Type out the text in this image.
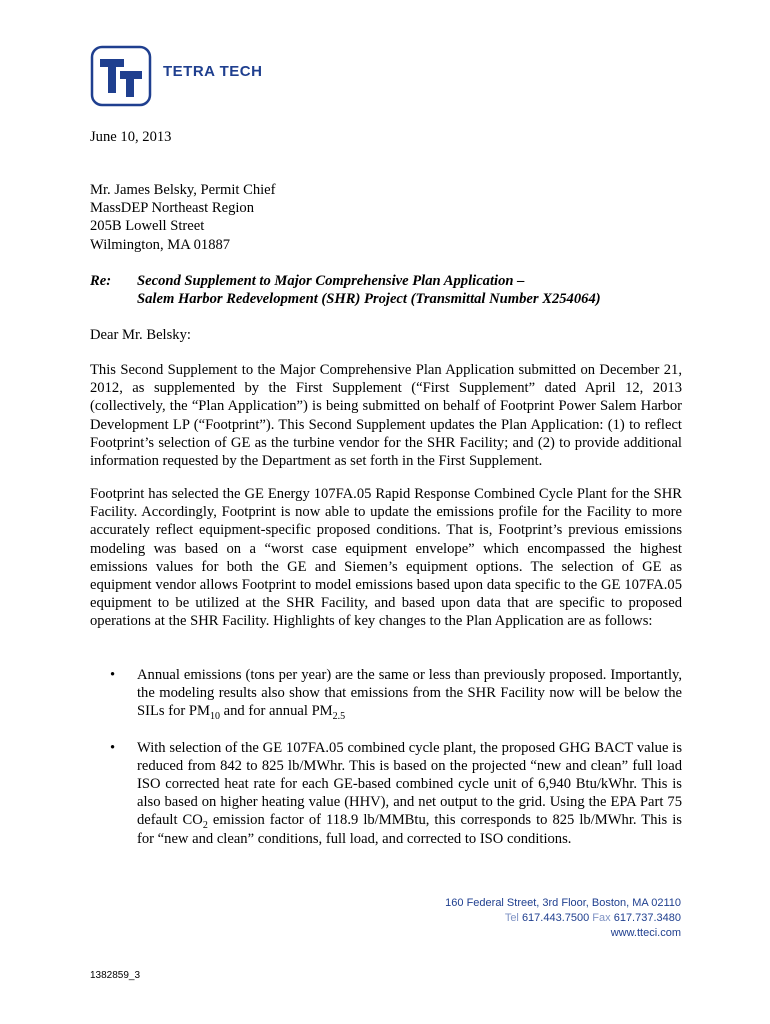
TETRA TECH
June 10, 2013
Mr. James Belsky, Permit Chief
MassDEP Northeast Region
205B Lowell Street
Wilmington, MA 01887
Re:	Second Supplement to Major Comprehensive Plan Application –
Salem Harbor Redevelopment (SHR) Project (Transmittal Number X254064)
Dear Mr. Belsky:
This Second Supplement to the Major Comprehensive Plan Application submitted on December 21, 2012, as supplemented by the First Supplement (“First Supplement” dated April 12, 2013 (collectively, the “Plan Application”) is being submitted on behalf of Footprint Power Salem Harbor Development LP (“Footprint”). This Second Supplement updates the Plan Application: (1) to reflect Footprint’s selection of GE as the turbine vendor for the SHR Facility; and (2) to provide additional information requested by the Department as set forth in the First Supplement.
Footprint has selected the GE Energy 107FA.05 Rapid Response Combined Cycle Plant for the SHR Facility. Accordingly, Footprint is now able to update the emissions profile for the Facility to more accurately reflect equipment-specific proposed conditions. That is, Footprint’s previous emissions modeling was based on a “worst case equipment envelope” which encompassed the highest emissions values for both the GE and Siemen’s equipment options. The selection of GE as equipment vendor allows Footprint to model emissions based upon data specific to the GE 107FA.05 equipment to be utilized at the SHR Facility, and based upon data that are specific to proposed operations at the SHR Facility. Highlights of key changes to the Plan Application are as follows:
•	Annual emissions (tons per year) are the same or less than previously proposed. Importantly, the modeling results also show that emissions from the SHR Facility now will be below the SILs for $PM_{10}$ and for annual $PM_{2.5}$
•	With selection of the GE 107FA.05 combined cycle plant, the proposed GHG BACT value is reduced from 842 to 825 lb/MWhr. This is based on the projected “new and clean” full load ISO corrected heat rate for each GE-based combined cycle unit of 6,940 Btu/kWhr. This is also based on higher heating value (HHV), and net output to the grid. Using the EPA Part 75 default $CO_2$ emission factor of 118.9 lb/MMBtu, this corresponds to 825 lb/MWhr. This is for “new and clean” conditions, full load, and corrected to ISO conditions.
160 Federal Street, 3rd Floor, Boston, MA 02110
Tel 617.443.7500 Fax 617.737.3480
www.tteci.com
1382859_3
